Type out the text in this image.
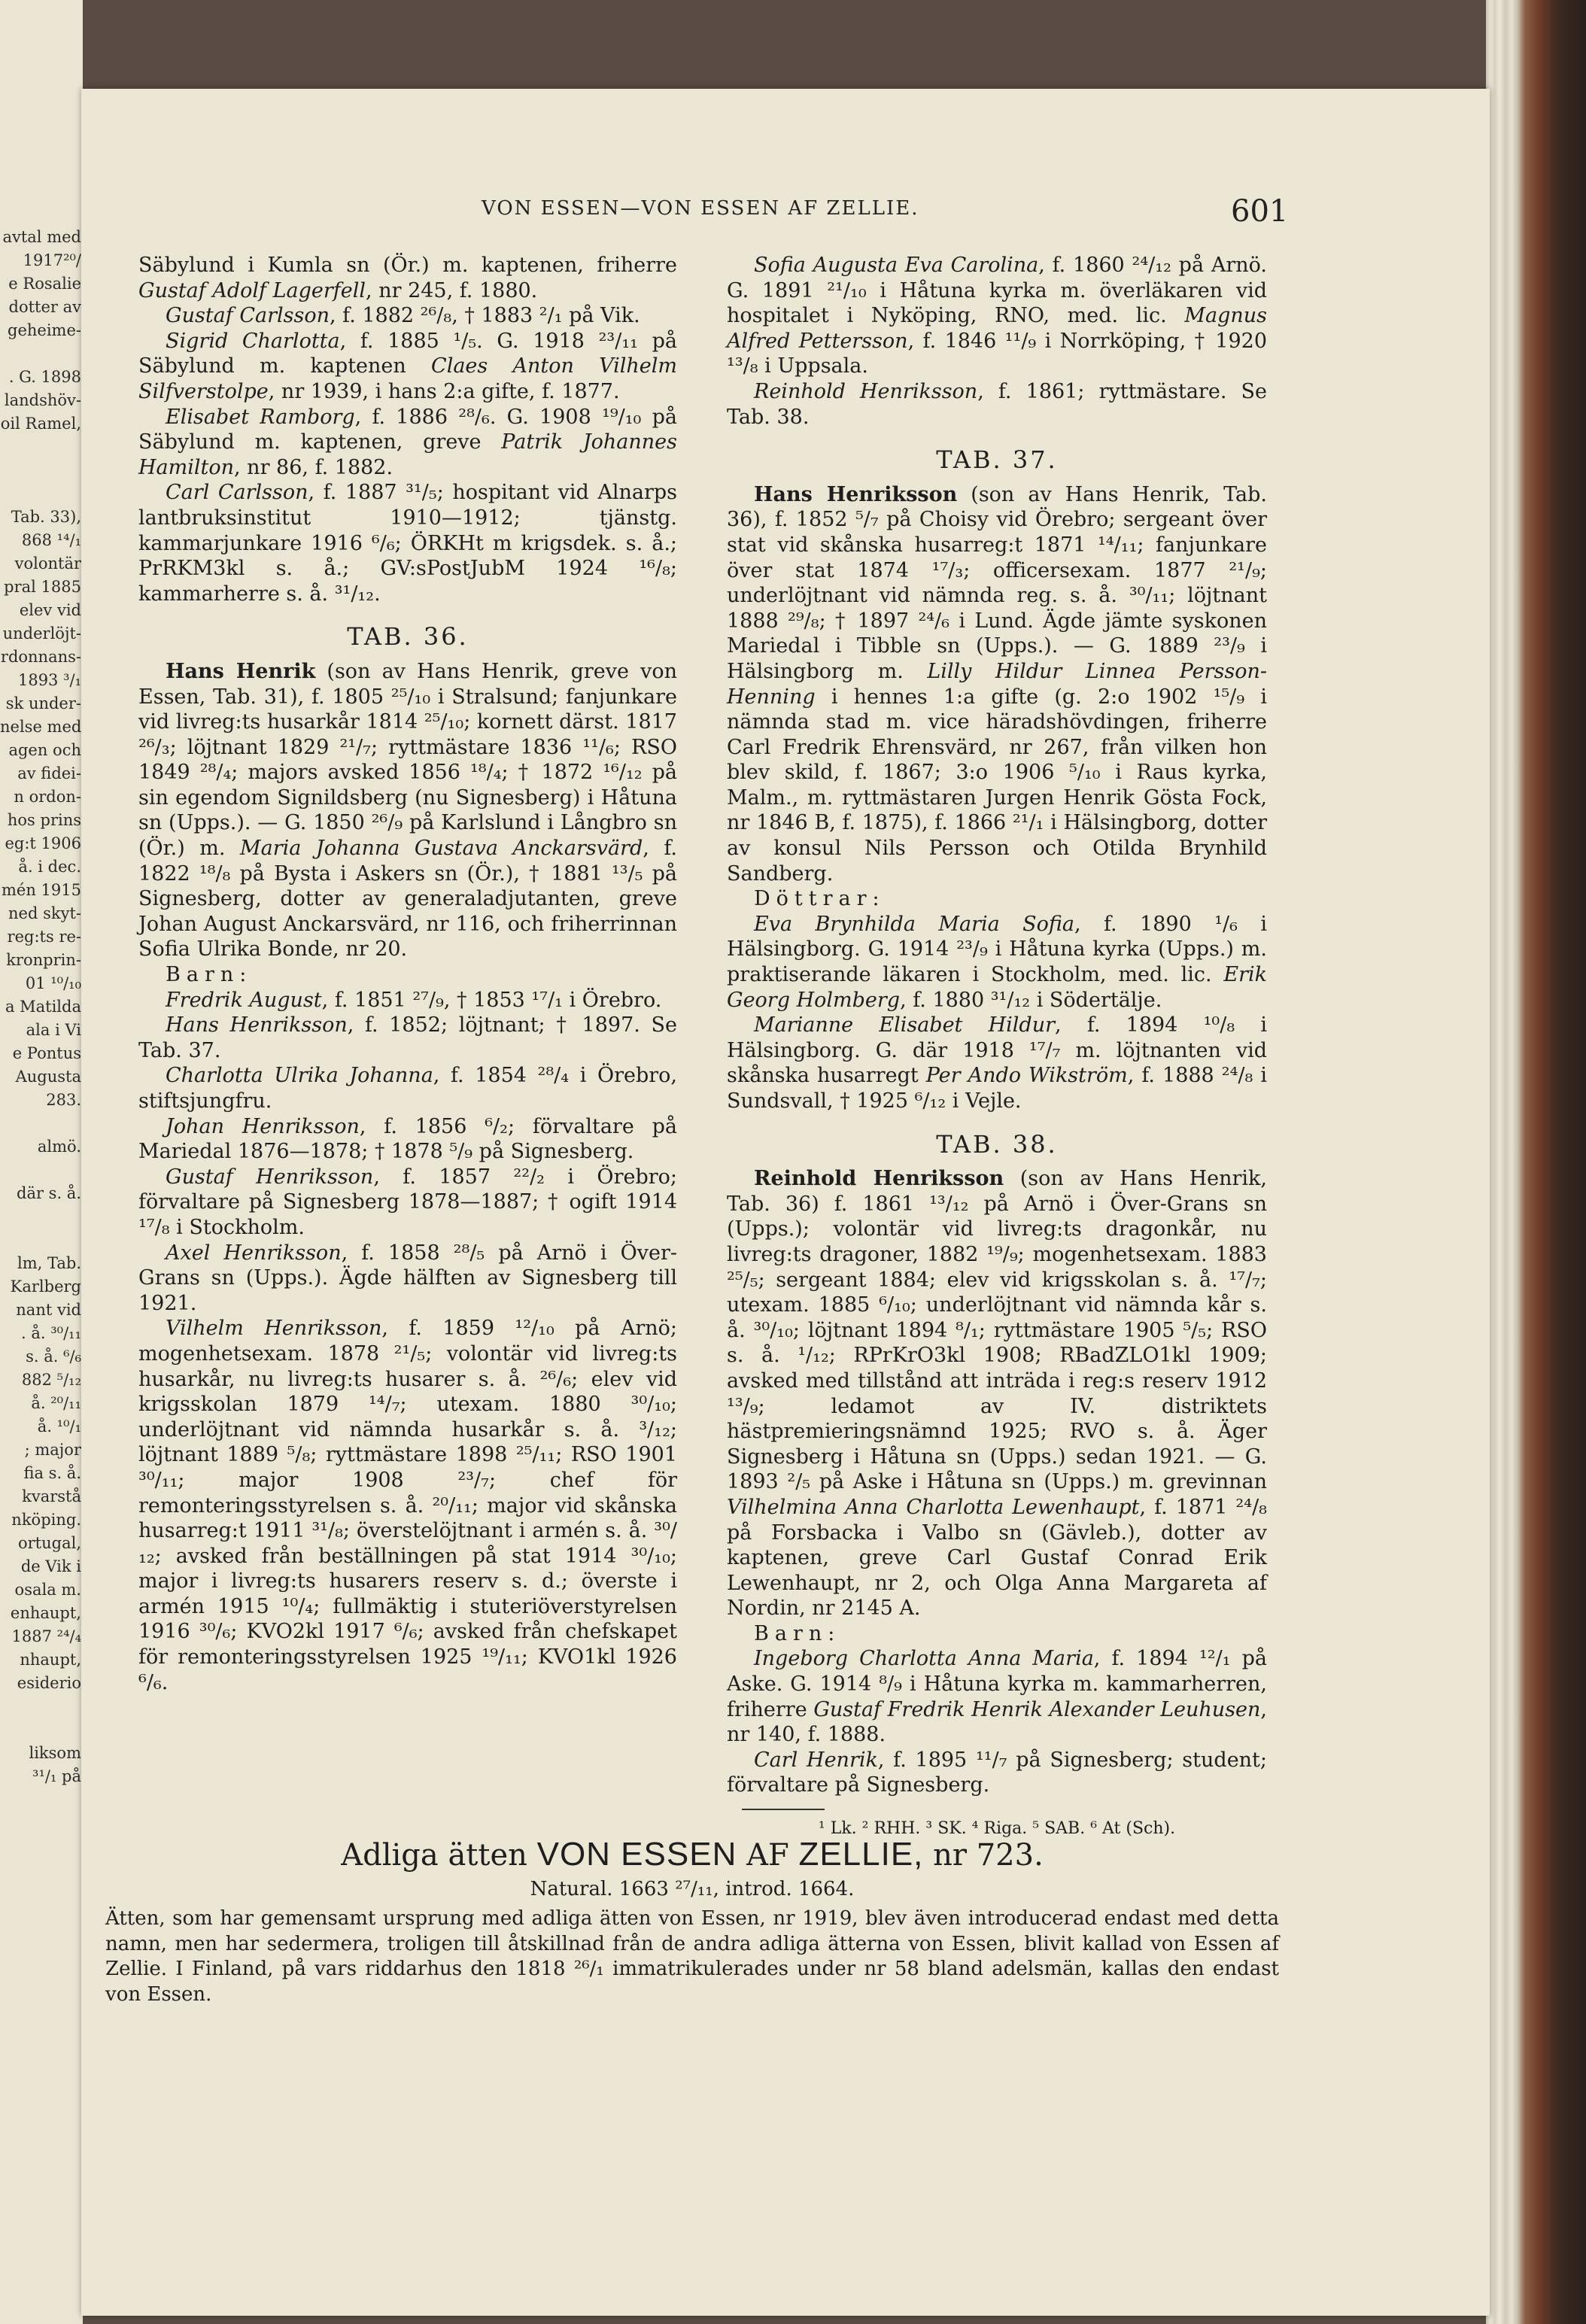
avtal med
1917²⁰/
e Rosalie
dotter av
geheime-

. G. 1898
landshöv-
oil Ramel,

Tab. 33),
868 ¹⁴/₁
volontär
pral 1885
elev vid
underlöjt-
rdonnans-
1893 ³/₁
sk under-
nelse med
agen och
av fidei-
n ordon-
hos prins
eg:t 1906
å. i dec.
mén 1915
ned skyt-
reg:ts re-
kronprin-
01 ¹⁰/₁₀
a Matilda
ala i Vi
e Pontus
Augusta
283.

almö.

där s. å.

lm, Tab.
Karlberg
nant vid
. å. ³⁰/₁₁
s. å. ⁶/₆
882 ⁵/₁₂
å. ²⁰/₁₁
å. ¹⁰/₁
; major
fia s. å.
kvarstå
nköping.
ortugal,
de Vik i
osala m.
enhaupt,
1887 ²⁴/₄
nhaupt,
esiderio

liksom
³¹/₁ på
VON ESSEN—VON ESSEN AF ZELLIE.	601

Säbylund i Kumla sn (Ör.) m. kaptenen, friherre Gustaf Adolf Lagerfell, nr 245, f. 1880.

Gustaf Carlsson, f. 1882 ²⁶/₈, † 1883 ²/₁ på Vik.

Sigrid Charlotta, f. 1885 ¹/₅. G. 1918 ²³/₁₁ på Säbylund m. kaptenen Claes Anton Vilhelm Silfverstolpe, nr 1939, i hans 2:a gifte, f. 1877.

Elisabet Ramborg, f. 1886 ²⁸/₆. G. 1908 ¹⁹/₁₀ på Säbylund m. kaptenen, greve Patrik Johannes Hamilton, nr 86, f. 1882.

Carl Carlsson, f. 1887 ³¹/₅; hospitant vid Alnarps lantbruksinstitut 1910—1912; tjänstg. kammarjunkare 1916 ⁶/₆; ÖRKHt m krigsdek. s. å.; PrRKM3kl s. å.; GV:sPostJubM 1924 ¹⁶/₈; kammarherre s. å. ³¹/₁₂.

TAB. 36.

Hans Henrik (son av Hans Henrik, greve von Essen, Tab. 31), f. 1805 ²⁵/₁₀ i Stralsund; fanjunkare vid livreg:ts husarkår 1814 ²⁵/₁₀; kornett därst. 1817 ²⁶/₃; löjtnant 1829 ²¹/₇; ryttmästare 1836 ¹¹/₆; RSO 1849 ²⁸/₄; majors avsked 1856 ¹⁸/₄; † 1872 ¹⁶/₁₂ på sin egendom Signildsberg (nu Signesberg) i Håtuna sn (Upps.). — G. 1850 ²⁶/₉ på Karlslund i Långbro sn (Ör.) m. Maria Johanna Gustava Anckarsvärd, f. 1822 ¹⁸/₈ på Bysta i Askers sn (Ör.), † 1881 ¹³/₅ på Signesberg, dotter av generaladjutanten, greve Johan August Anckarsvärd, nr 116, och friherrinnan Sofia Ulrika Bonde, nr 20.

Barn:

Fredrik August, f. 1851 ²⁷/₉, † 1853 ¹⁷/₁ i Örebro.

Hans Henriksson, f. 1852; löjtnant; † 1897. Se Tab. 37.

Charlotta Ulrika Johanna, f. 1854 ²⁸/₄ i Örebro, stiftsjungfru.

Johan Henriksson, f. 1856 ⁶/₂; förvaltare på Mariedal 1876—1878; † 1878 ⁵/₉ på Signesberg.

Gustaf Henriksson, f. 1857 ²²/₂ i Örebro; förvaltare på Signesberg 1878—1887; † ogift 1914 ¹⁷/₈ i Stockholm.

Axel Henriksson, f. 1858 ²⁸/₅ på Arnö i Över-Grans sn (Upps.). Ägde hälften av Signesberg till 1921.

Vilhelm Henriksson, f. 1859 ¹²/₁₀ på Arnö; mogenhetsexam. 1878 ²¹/₅; volontär vid livreg:ts husarkår, nu livreg:ts husarer s. å. ²⁶/₆; elev vid krigsskolan 1879 ¹⁴/₇; utexam. 1880 ³⁰/₁₀; underlöjtnant vid nämnda husarkår s. å. ³/₁₂; löjtnant 1889 ⁵/₈; ryttmästare 1898 ²⁵/₁₁; RSO 1901 ³⁰/₁₁; major 1908 ²³/₇; chef för remonteringsstyrelsen s. å. ²⁰/₁₁; major vid skånska husarreg:t 1911 ³¹/₈; överstelöjtnant i armén s. å. ³⁰/₁₂; avsked från beställningen på stat 1914 ³⁰/₁₀; major i livreg:ts husarers reserv s. d.; överste i armén 1915 ¹⁰/₄; fullmäktig i stuteriöverstyrelsen 1916 ³⁰/₆; KVO2kl 1917 ⁶/₆; avsked från chefskapet för remonteringsstyrelsen 1925 ¹⁹/₁₁; KVO1kl 1926 ⁶/₆.

Sofia Augusta Eva Carolina, f. 1860 ²⁴/₁₂ på Arnö. G. 1891 ²¹/₁₀ i Håtuna kyrka m. överläkaren vid hospitalet i Nyköping, RNO, med. lic. Magnus Alfred Pettersson, f. 1846 ¹¹/₉ i Norrköping, † 1920 ¹³/₈ i Uppsala.

Reinhold Henriksson, f. 1861; ryttmästare. Se Tab. 38.

TAB. 37.

Hans Henriksson (son av Hans Henrik, Tab. 36), f. 1852 ⁵/₇ på Choisy vid Örebro; sergeant över stat vid skånska husarreg:t 1871 ¹⁴/₁₁; fanjunkare över stat 1874 ¹⁷/₃; officersexam. 1877 ²¹/₉; underlöjtnant vid nämnda reg. s. å. ³⁰/₁₁; löjtnant 1888 ²⁹/₈; † 1897 ²⁴/₆ i Lund. Ägde jämte syskonen Mariedal i Tibble sn (Upps.). — G. 1889 ²³/₉ i Hälsingborg m. Lilly Hildur Linnea Persson-Henning i hennes 1:a gifte (g. 2:o 1902 ¹⁵/₉ i nämnda stad m. vice häradshövdingen, friherre Carl Fredrik Ehrensvärd, nr 267, från vilken hon blev skild, f. 1867; 3:o 1906 ⁵/₁₀ i Raus kyrka, Malm., m. ryttmästaren Jurgen Henrik Gösta Fock, nr 1846 B, f. 1875), f. 1866 ²¹/₁ i Hälsingborg, dotter av konsul Nils Persson och Otilda Brynhild Sandberg.

Döttrar:

Eva Brynhilda Maria Sofia, f. 1890 ¹/₆ i Hälsingborg. G. 1914 ²³/₉ i Håtuna kyrka (Upps.) m. praktiserande läkaren i Stockholm, med. lic. Erik Georg Holmberg, f. 1880 ³¹/₁₂ i Södertälje.

Marianne Elisabet Hildur, f. 1894 ¹⁰/₈ i Hälsingborg. G. där 1918 ¹⁷/₇ m. löjtnanten vid skånska husarregt Per Ando Wikström, f. 1888 ²⁴/₈ i Sundsvall, † 1925 ⁶/₁₂ i Vejle.

TAB. 38.

Reinhold Henriksson (son av Hans Henrik, Tab. 36) f. 1861 ¹³/₁₂ på Arnö i Över-Grans sn (Upps.); volontär vid livreg:ts dragonkår, nu livreg:ts dragoner, 1882 ¹⁹/₉; mogenhetsexam. 1883 ²⁵/₅; sergeant 1884; elev vid krigsskolan s. å. ¹⁷/₇; utexam. 1885 ⁶/₁₀; underlöjtnant vid nämnda kår s. å. ³⁰/₁₀; löjtnant 1894 ⁸/₁; ryttmästare 1905 ⁵/₅; RSO s. å. ¹/₁₂; RPrKrO3kl 1908; RBadZLO1kl 1909; avsked med tillstånd att inträda i reg:s reserv 1912 ¹³/₉; ledamot av IV. distriktets hästpremieringsnämnd 1925; RVO s. å. Äger Signesberg i Håtuna sn (Upps.) sedan 1921. — G. 1893 ²/₅ på Aske i Håtuna sn (Upps.) m. grevinnan Vilhelmina Anna Charlotta Lewenhaupt, f. 1871 ²⁴/₈ på Forsbacka i Valbo sn (Gävleb.), dotter av kaptenen, greve Carl Gustaf Conrad Erik Lewenhaupt, nr 2, och Olga Anna Margareta af Nordin, nr 2145 A.

Barn:

Ingeborg Charlotta Anna Maria, f. 1894 ¹²/₁ på Aske. G. 1914 ⁸/₉ i Håtuna kyrka m. kammarherren, friherre Gustaf Fredrik Henrik Alexander Leuhusen, nr 140, f. 1888.

Carl Henrik, f. 1895 ¹¹/₇ på Signesberg; student; förvaltare på Signesberg.

¹ Lk. ² RHH. ³ SK. ⁴ Riga. ⁵ SAB. ⁶ At (Sch).

Adliga ätten VON ESSEN AF ZELLIE, nr 723.

Natural. 1663 ²⁷/₁₁, introd. 1664.

Ätten, som har gemensamt ursprung med adliga ätten von Essen, nr 1919, blev även introducerad endast med detta namn, men har sedermera, troligen till åtskillnad från de andra adliga ätterna von Essen, blivit kallad von Essen af Zellie. I Finland, på vars riddarhus den 1818 ²⁶/₁ immatrikulerades under nr 58 bland adelsmän, kallas den endast von Essen.
